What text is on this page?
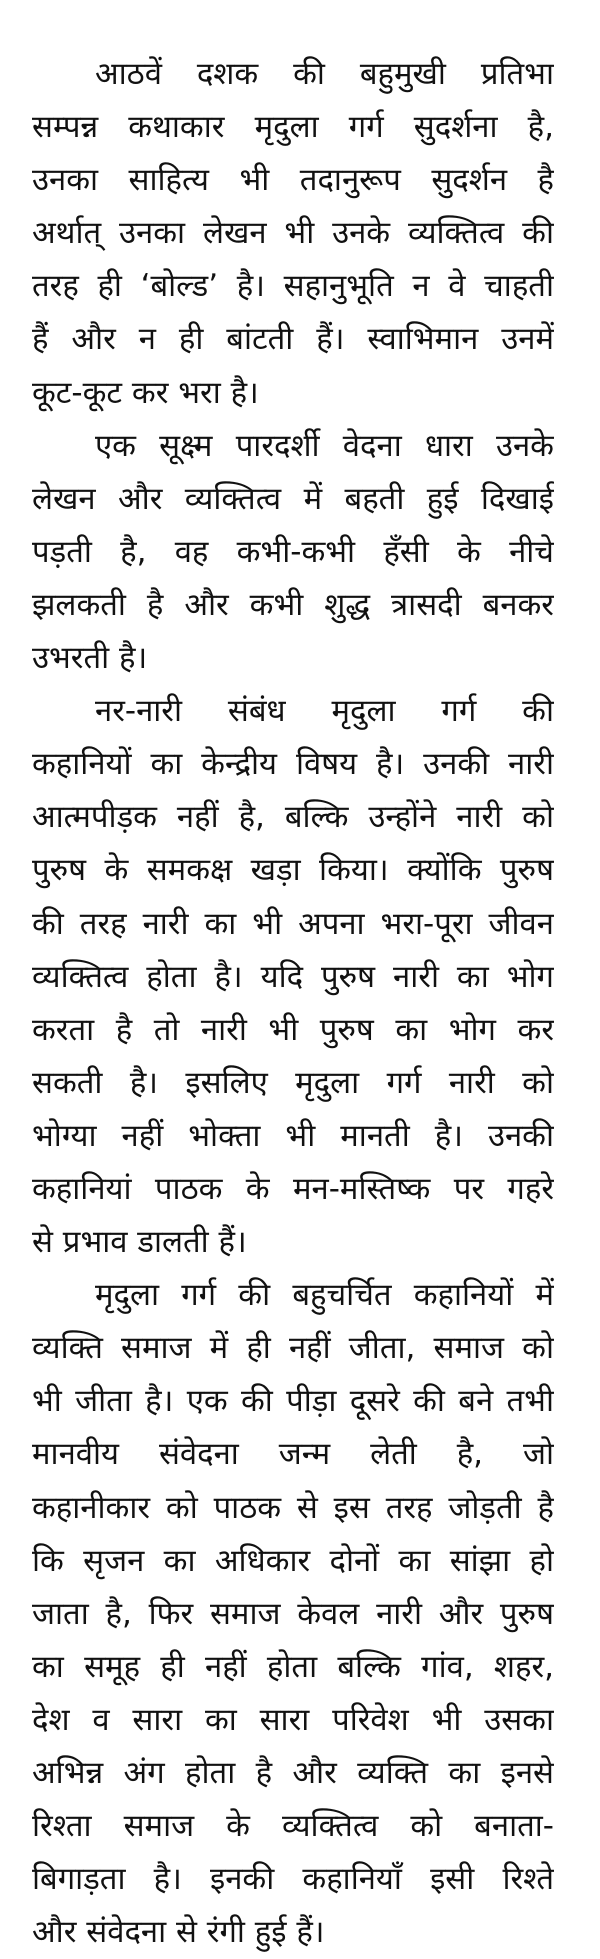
आठवें दशक की बहुमुखी प्रतिभा
सम्पन्न कथाकार मृदुला गर्ग सुदर्शना है,
उनका साहित्य भी तदानुरूप सुदर्शन है
अर्थात् उनका लेखन भी उनके व्यक्तित्व की
तरह ही ‘बोल्ड’ है। सहानुभूति न वे चाहती
हैं और न ही बांटती हैं। स्वाभिमान उनमें
कूट-कूट कर भरा है।
एक सूक्ष्म पारदर्शी वेदना धारा उनके
लेखन और व्यक्तित्व में बहती हुई दिखाई
पड़ती है, वह कभी-कभी हँसी के नीचे
झलकती है और कभी शुद्ध त्रासदी बनकर
उभरती है।
नर-नारी संबंध मृदुला गर्ग की
कहानियों का केन्द्रीय विषय है। उनकी नारी
आत्मपीड़क नहीं है, बल्कि उन्होंने नारी को
पुरुष के समकक्ष खड़ा किया। क्योंकि पुरुष
की तरह नारी का भी अपना भरा-पूरा जीवन
व्यक्तित्व होता है। यदि पुरुष नारी का भोग
करता है तो नारी भी पुरुष का भोग कर
सकती है। इसलिए मृदुला गर्ग नारी को
भोग्या नहीं भोक्ता भी मानती है। उनकी
कहानियां पाठक के मन-मस्तिष्क पर गहरे
से प्रभाव डालती हैं।
मृदुला गर्ग की बहुचर्चित कहानियों में
व्यक्ति समाज में ही नहीं जीता, समाज को
भी जीता है। एक की पीड़ा दूसरे की बने तभी
मानवीय संवेदना जन्म लेती है, जो
कहानीकार को पाठक से इस तरह जोड़ती है
कि सृजन का अधिकार दोनों का सांझा हो
जाता है, फिर समाज केवल नारी और पुरुष
का समूह ही नहीं होता बल्कि गांव, शहर,
देश व सारा का सारा परिवेश भी उसका
अभिन्न अंग होता है और व्यक्ति का इनसे
रिश्ता समाज के व्यक्तित्व को बनाता-
बिगाड़ता है। इनकी कहानियाँ इसी रिश्ते
और संवेदना से रंगी हुई हैं।
